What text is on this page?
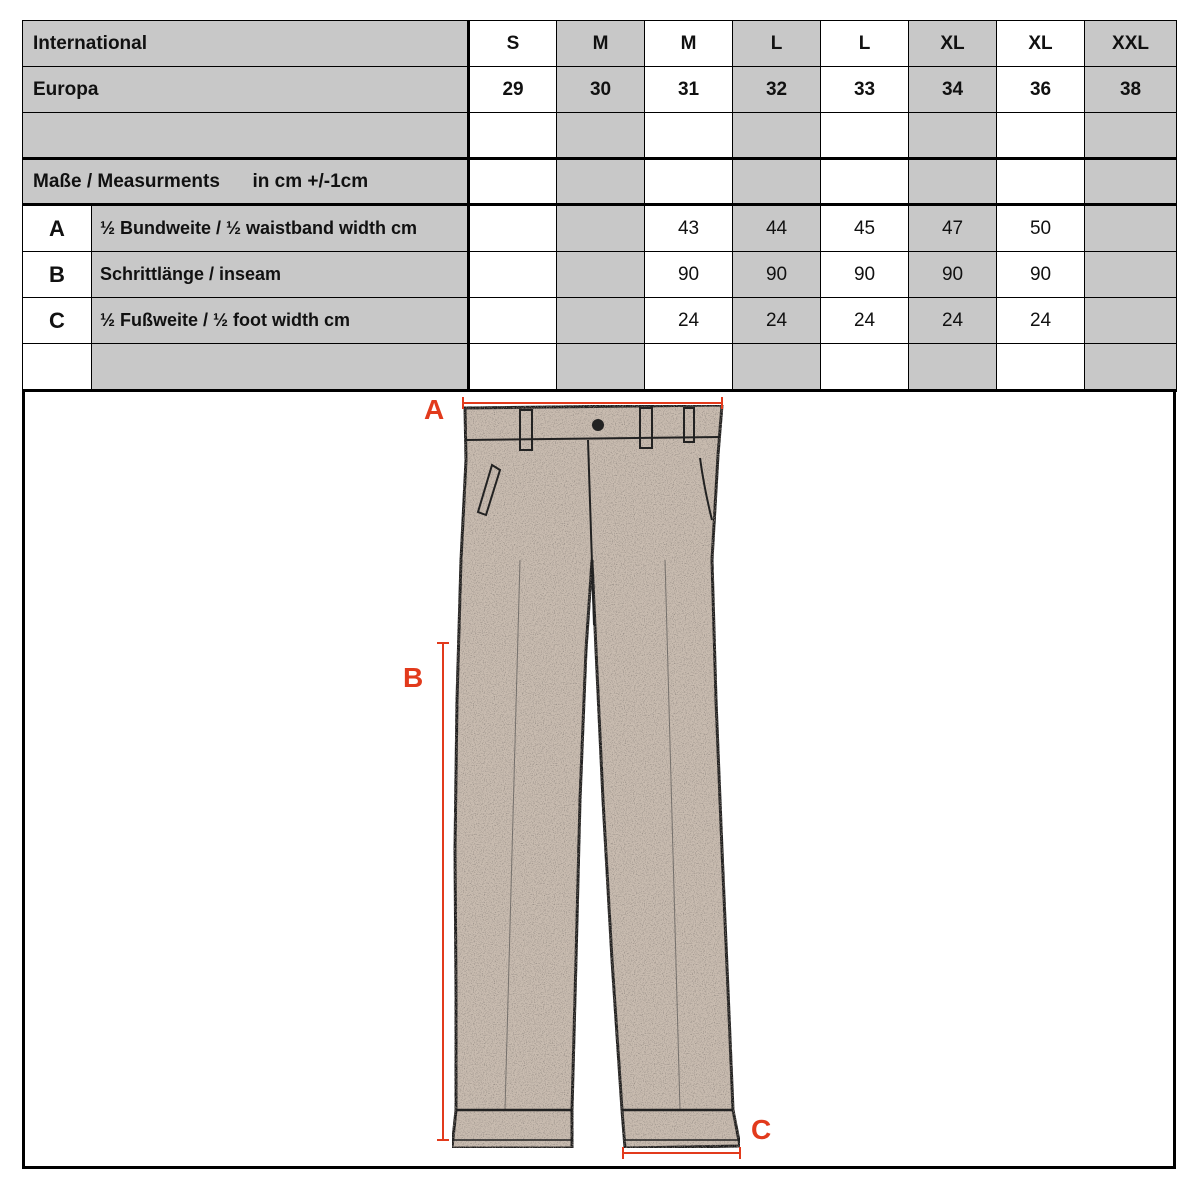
International		S	M	M	L	L	XL	XL	XXL
Europa		29	30	31	32	33	34	36	38

Maße / Measurments in cm +/-1cm									
A	½ Bundweite / ½ waistband width cm			43	44	45	47	50	
B	Schrittlänge / inseam			90	90	90	90	90	
C	½ Fußweite / ½ foot width cm			24	24	24	24	24	

A
B
C
